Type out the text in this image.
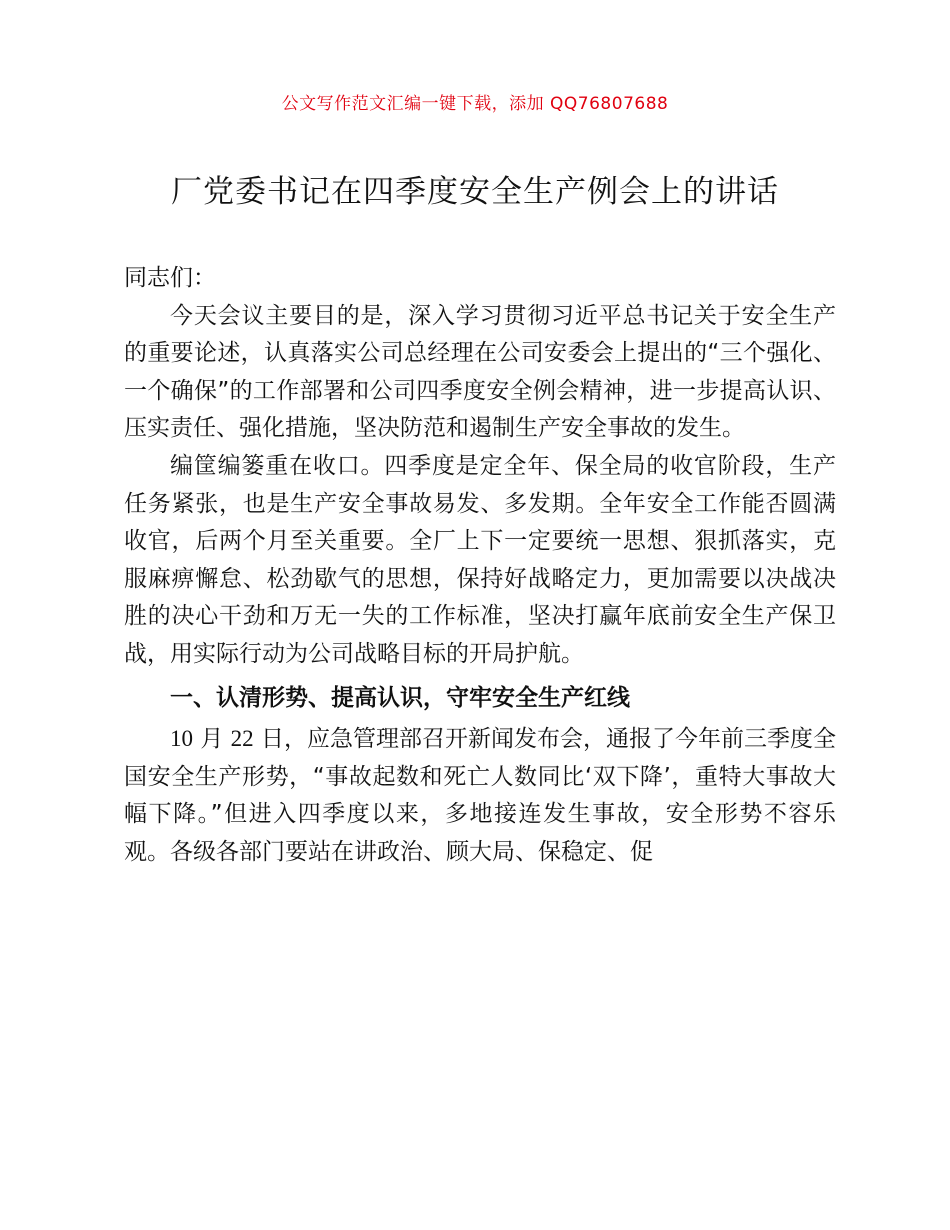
公文写作范文汇编一键下载，添加 QQ76807688
厂党委书记在四季度安全生产例会上的讲话

同志们：

今天会议主要目的是，深入学习贯彻习近平总书记关于安全生产的重要论述，认真落实公司总经理在公司安委会上提出的“三个强化、一个确保”的工作部署和公司四季度安全例会精神，进一步提高认识、压实责任、强化措施，坚决防范和遏制生产安全事故的发生。

编筐编篓重在收口。四季度是定全年、保全局的收官阶段，生产任务紧张，也是生产安全事故易发、多发期。全年安全工作能否圆满收官，后两个月至关重要。全厂上下一定要统一思想、狠抓落实，克服麻痹懈怠、松劲歇气的思想，保持好战略定力，更加需要以决战决胜的决心干劲和万无一失的工作标准，坚决打赢年底前安全生产保卫战，用实际行动为公司战略目标的开局护航。

一、认清形势、提高认识，守牢安全生产红线

10 月 22 日，应急管理部召开新闻发布会，通报了今年前三季度全国安全生产形势，“事故起数和死亡人数同比‘双下降’，重特大事故大幅下降。”但进入四季度以来，多地接连发生事故，安全形势不容乐观。各级各部门要站在讲政治、顾大局、保稳定、促
